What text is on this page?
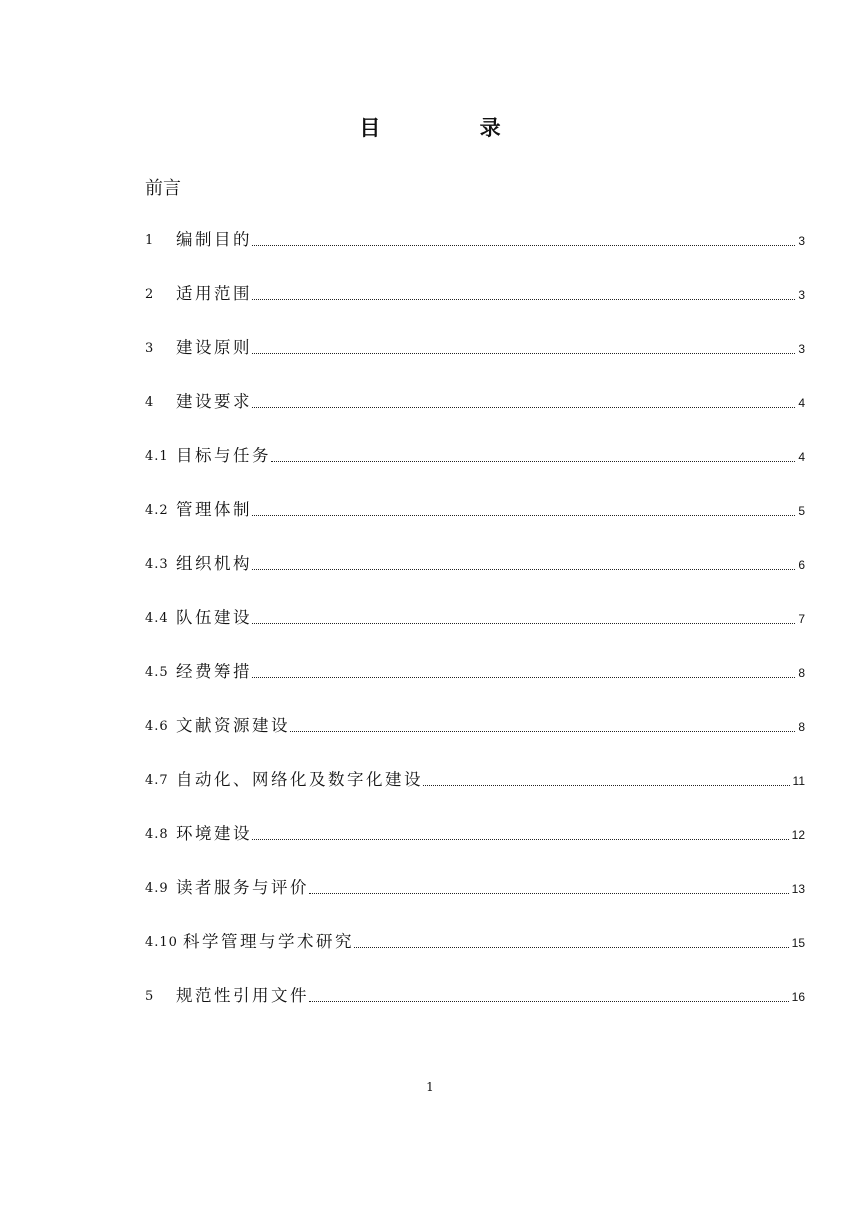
目 录
前言
1	编制目的	3
2	适用范围	3
3	建设原则	3
4	建设要求	4
4.1 目标与任务	4
4.2 管理体制	5
4.3 组织机构	6
4.4 队伍建设	7
4.5 经费筹措	8
4.6 文献资源建设	8
4.7 自动化、网络化及数字化建设	11
4.8 环境建设	12
4.9 读者服务与评价	13
4.10 科学管理与学术研究	15
5	规范性引用文件	16
1
